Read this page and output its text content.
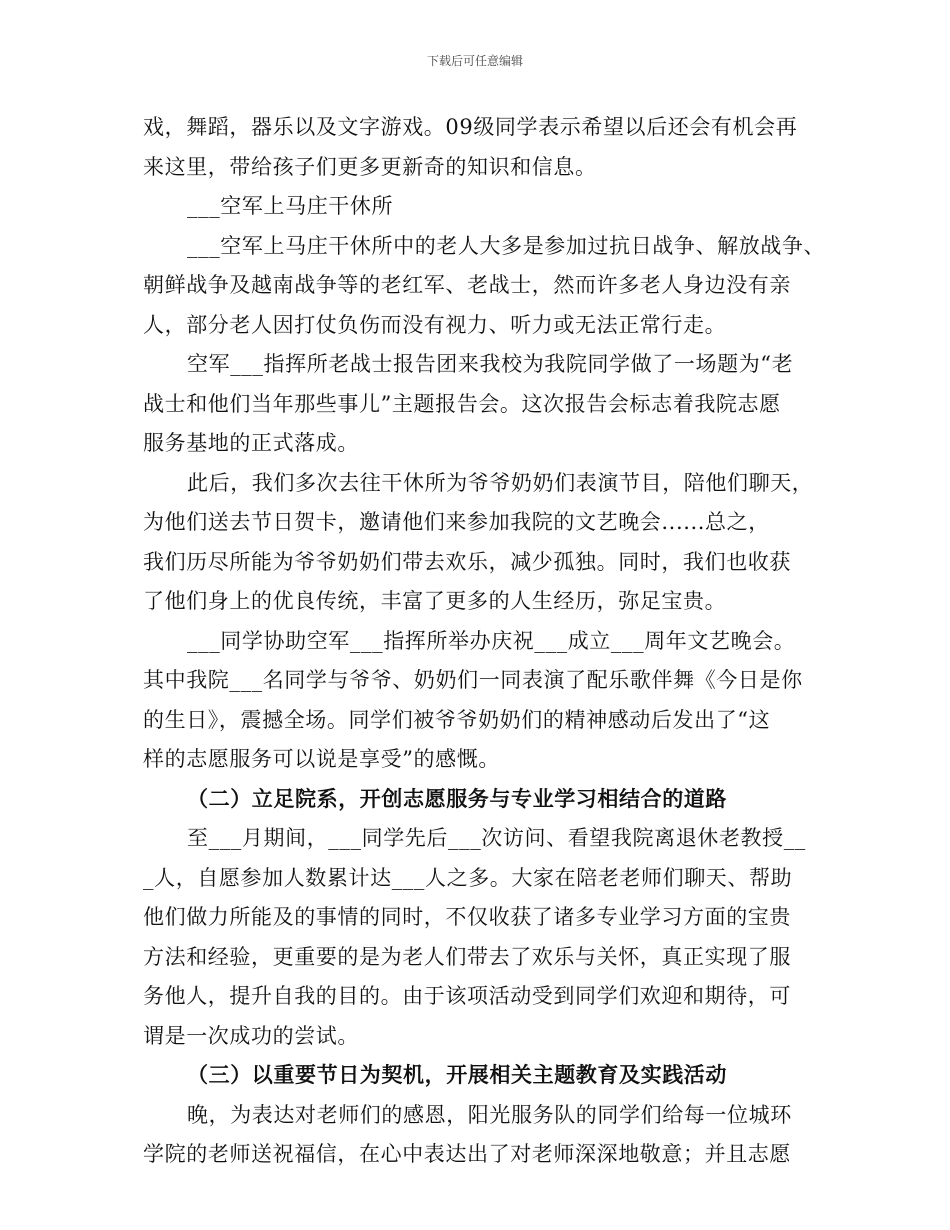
下载后可任意编辑
戏，舞蹈，器乐以及文字游戏。09级同学表示希望以后还会有机会再
来这里，带给孩子们更多更新奇的知识和信息。
___空军上马庄干休所
___空军上马庄干休所中的老人大多是参加过抗日战争、解放战争、
朝鲜战争及越南战争等的老红军、老战士，然而许多老人身边没有亲
人，部分老人因打仗负伤而没有视力、听力或无法正常行走。
空军___指挥所老战士报告团来我校为我院同学做了一场题为“老
战士和他们当年那些事儿”主题报告会。这次报告会标志着我院志愿
服务基地的正式落成。
此后，我们多次去往干休所为爷爷奶奶们表演节目，陪他们聊天，
为他们送去节日贺卡，邀请他们来参加我院的文艺晚会......总之，
我们历尽所能为爷爷奶奶们带去欢乐，减少孤独。同时，我们也收获
了他们身上的优良传统，丰富了更多的人生经历，弥足宝贵。
___同学协助空军___指挥所举办庆祝___成立___周年文艺晚会。
其中我院___名同学与爷爷、奶奶们一同表演了配乐歌伴舞《今日是你
的生日》，震撼全场。同学们被爷爷奶奶们的精神感动后发出了“这
样的志愿服务可以说是享受”的感慨。
（二）立足院系，开创志愿服务与专业学习相结合的道路
至___月期间，___同学先后___次访问、看望我院离退休老教授__
_人，自愿参加人数累计达___人之多。大家在陪老老师们聊天、帮助
他们做力所能及的事情的同时，不仅收获了诸多专业学习方面的宝贵
方法和经验，更重要的是为老人们带去了欢乐与关怀，真正实现了服
务他人，提升自我的目的。由于该项活动受到同学们欢迎和期待，可
谓是一次成功的尝试。
（三）以重要节日为契机，开展相关主题教育及实践活动
晚，为表达对老师们的感恩，阳光服务队的同学们给每一位城环
学院的老师送祝福信，在心中表达出了对老师深深地敬意；并且志愿
